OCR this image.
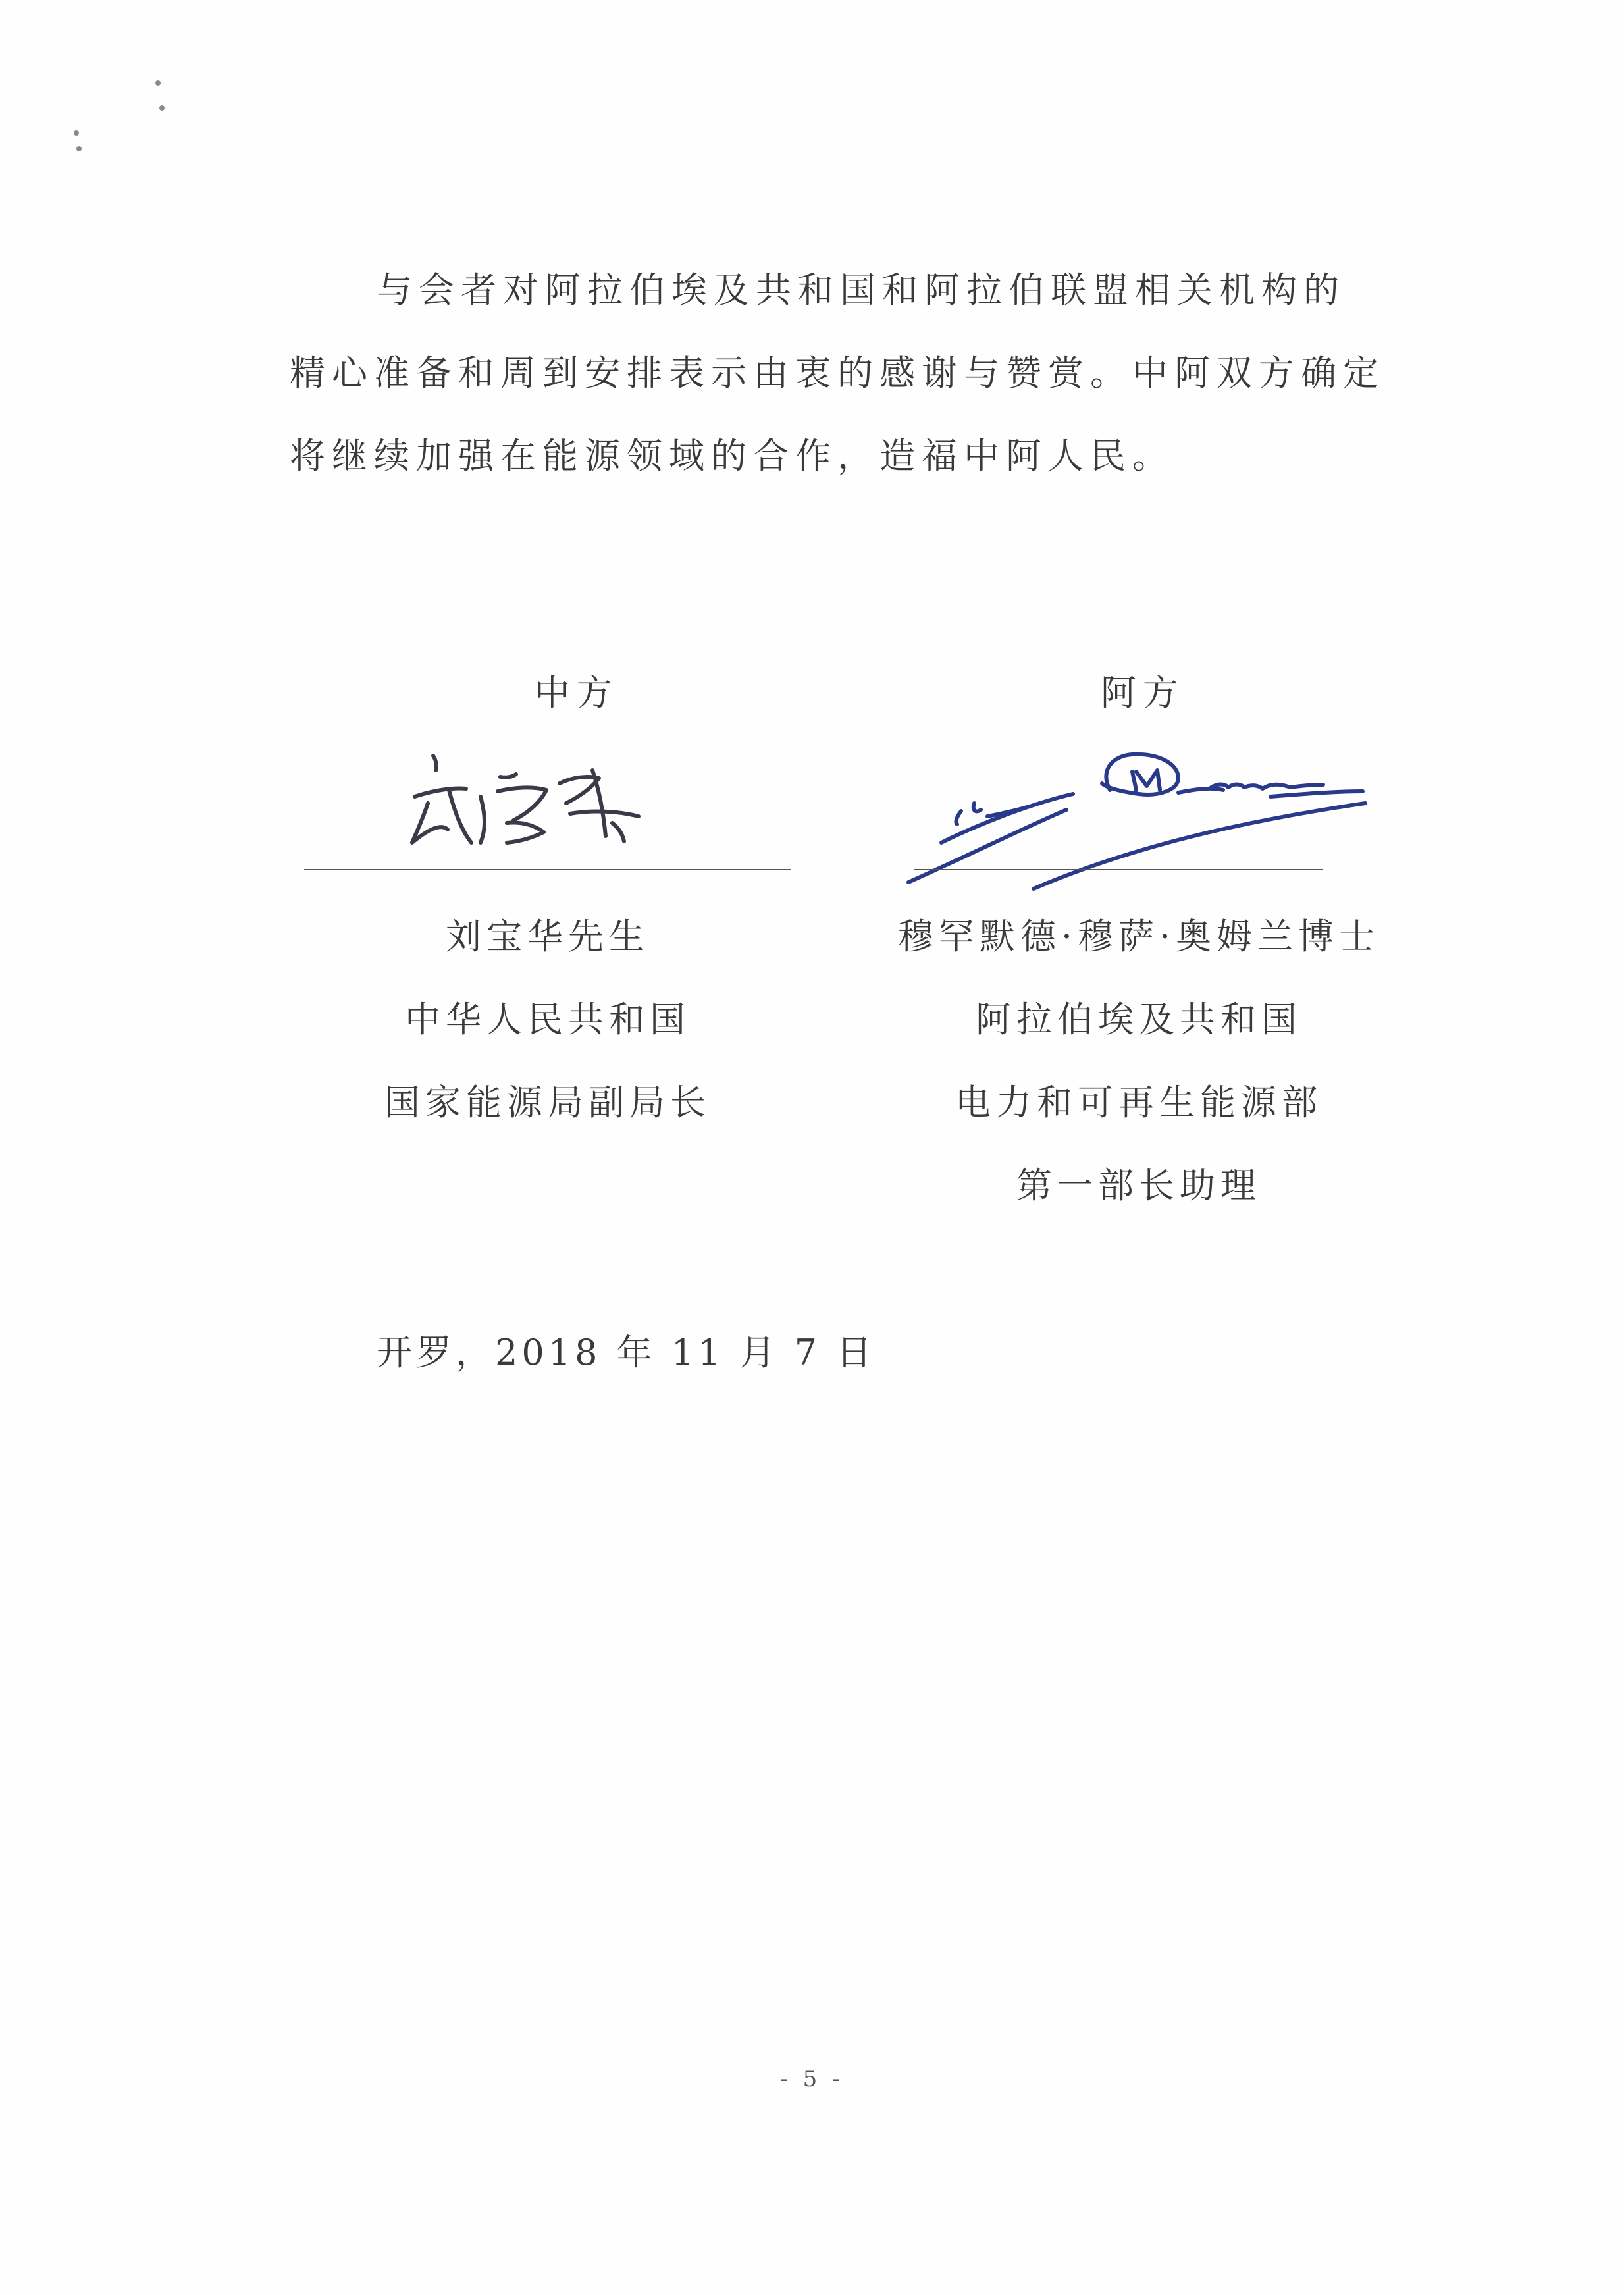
与会者对阿拉伯埃及共和国和阿拉伯联盟相关机构的
精心准备和周到安排表示由衷的感谢与赞赏。中阿双方确定
将继续加强在能源领域的合作，造福中阿人民。
中方
刘宝华先生
中华人民共和国
国家能源局副局长
阿方
穆罕默德·穆萨·奥姆兰博士
阿拉伯埃及共和国
电力和可再生能源部
第一部长助理
开罗，2018 年 11 月 7 日
- 5 -
